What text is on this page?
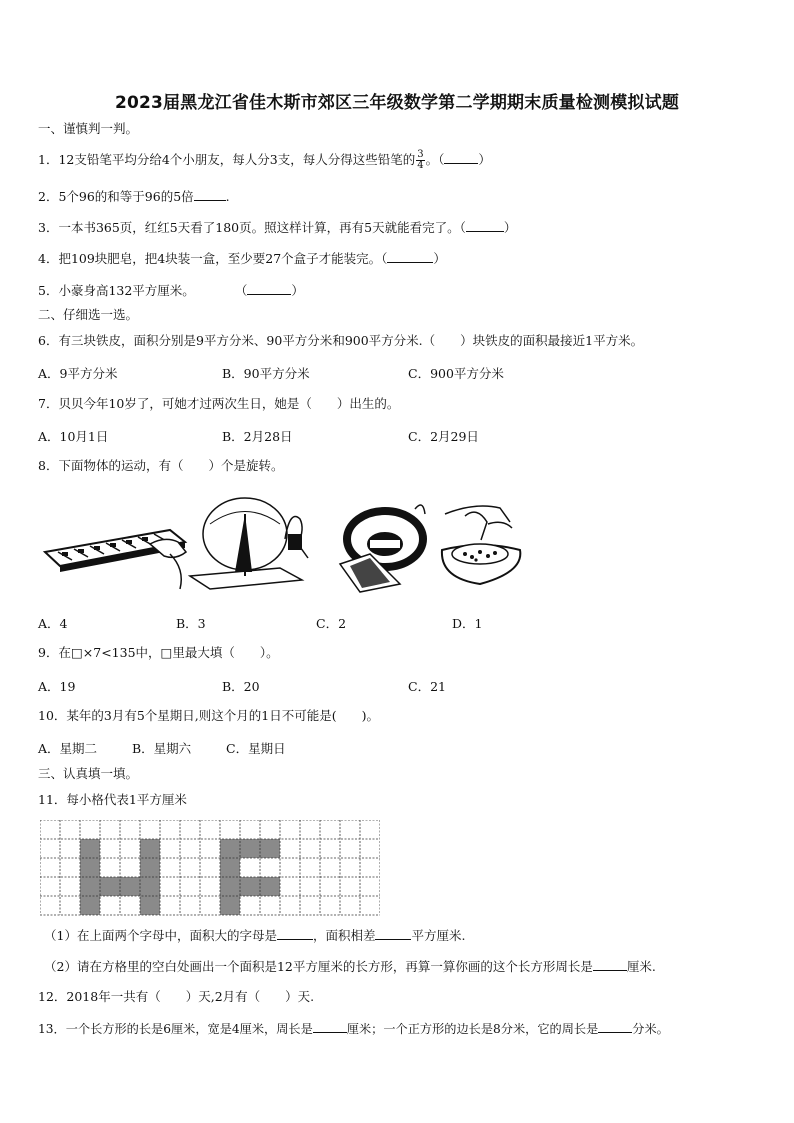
2023届黑龙江省佳木斯市郊区三年级数学第二学期期末质量检测模拟试题
一、谨慎判一判。
1．12支铅笔平均分给4个小朋友，每人分3支，每人分得这些铅笔的 $\frac{3}{4}$ 。（	）
2．5个96的和等于96的5倍	.
3．一本书365页，红红5天看了180页。照这样计算，再有5天就能看完了。（	）
4．把109块肥皂，把4块装一盒，至少要27个盒子才能装完。（	）
5．小豪身高132平方厘米。	（	）
二、仔细选一选。
6．有三块铁皮，面积分别是9平方分米、90平方分米和900平方分米.（　　）块铁皮的面积最接近1平方米。
A．9平方分米	B．90平方分米	C．900平方分米
7．贝贝今年10岁了，可她才过两次生日，她是（　　）出生的。
A．10月1日	B．2月28日	C．2月29日
8．下面物体的运动，有（　　）个是旋转。
A．4	B．3	C．2	D．1
9．在□×7<135中，□里最大填（　　）。
A．19	B．20	C．21
10．某年的3月有5个星期日,则这个月的1日不可能是(　　)。
A．星期二	B．星期六	C．星期日
三、认真填一填。
11．每小格代表1平方厘米
（1）在上面两个字母中，面积大的字母是	，面积相差	平方厘米.
（2）请在方格里的空白处画出一个面积是12平方厘米的长方形，再算一算你画的这个长方形周长是	厘米.
12．2018年一共有（　　）天,2月有（　　）天.
13．一个长方形的长是6厘米，宽是4厘米，周长是	厘米；一个正方形的边长是8分米，它的周长是	分米。
